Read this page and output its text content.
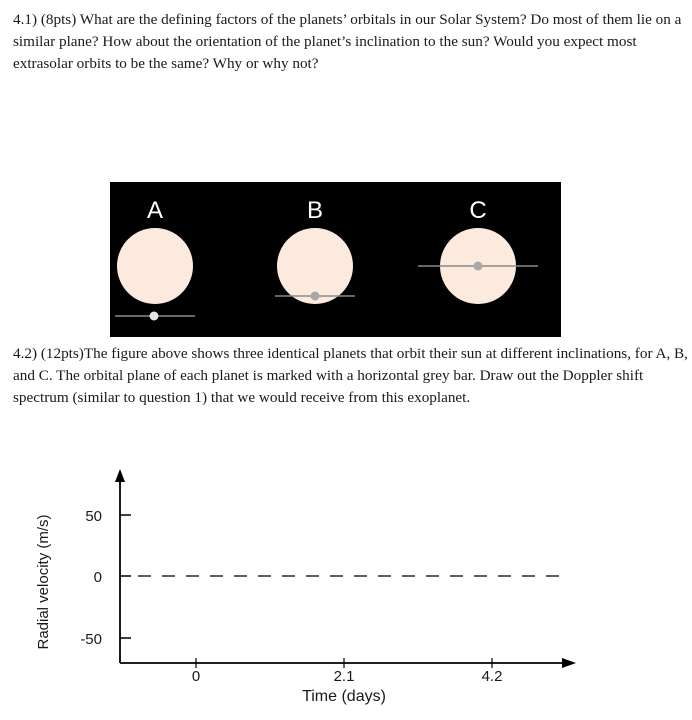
4.1) (8pts) What are the defining factors of the planets’ orbitals in our Solar System? Do most of them lie on a similar plane? How about the orientation of the planet’s inclination to the sun? Would you expect most extrasolar orbits to be the same? Why or why not?

A	B	C

4.2) (12pts)The figure above shows three identical planets that orbit their sun at different inclinations, for A, B, and C. The orbital plane of each planet is marked with a horizontal grey bar. Draw out the Doppler shift spectrum (similar to question 1) that we would receive from this exoplanet.

50
0
-50
0	2.1	4.2
Time (days)
Radial velocity (m/s)
